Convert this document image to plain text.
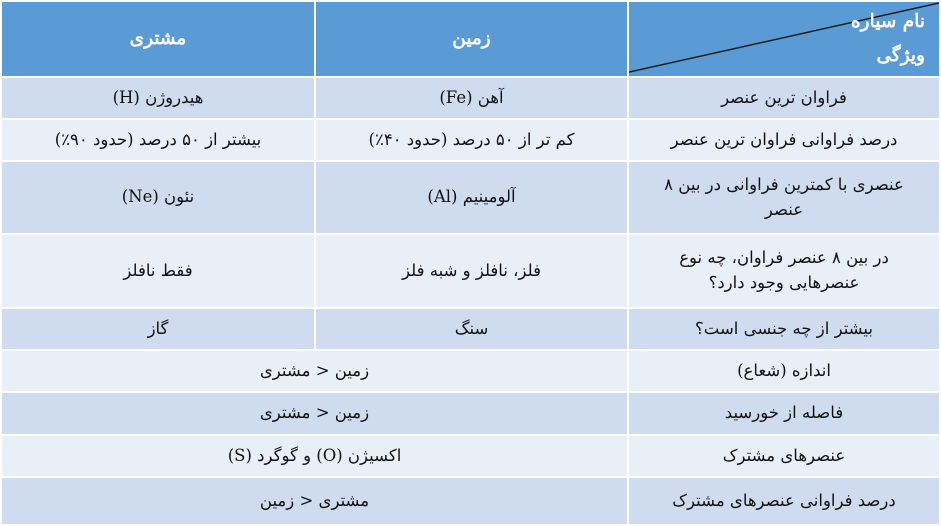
نام سیاره
ویژگی	زمین	مشتری
فراوان ترین عنصر	آهن (Fe)	هیدروژن (H)
درصد فراوانی فراوان ترین عنصر	کم تر از ۵۰ درصد (حدود ۴۰٪)	بیشتر از ۵۰ درصد (حدود ۹۰٪)
عنصری با کمترین فراوانی در بین ۸ عنصر	آلومینیم (Al)	نئون (Ne)
در بین ۸ عنصر فراوان، چه نوع عنصرهایی وجود دارد؟	فلز، نافلز و شبه فلز	فقط نافلز
بیشتر از چه جنسی است؟	سنگ	گاز
اندازه (شعاع)	زمین < مشتری	
فاصله از خورسید	زمین < مشتری	
عنصرهای مشترک	اکسیژن (O) و گوگرد (S)	
درصد فراوانی عنصرهای مشترک	مشتری < زمین	
